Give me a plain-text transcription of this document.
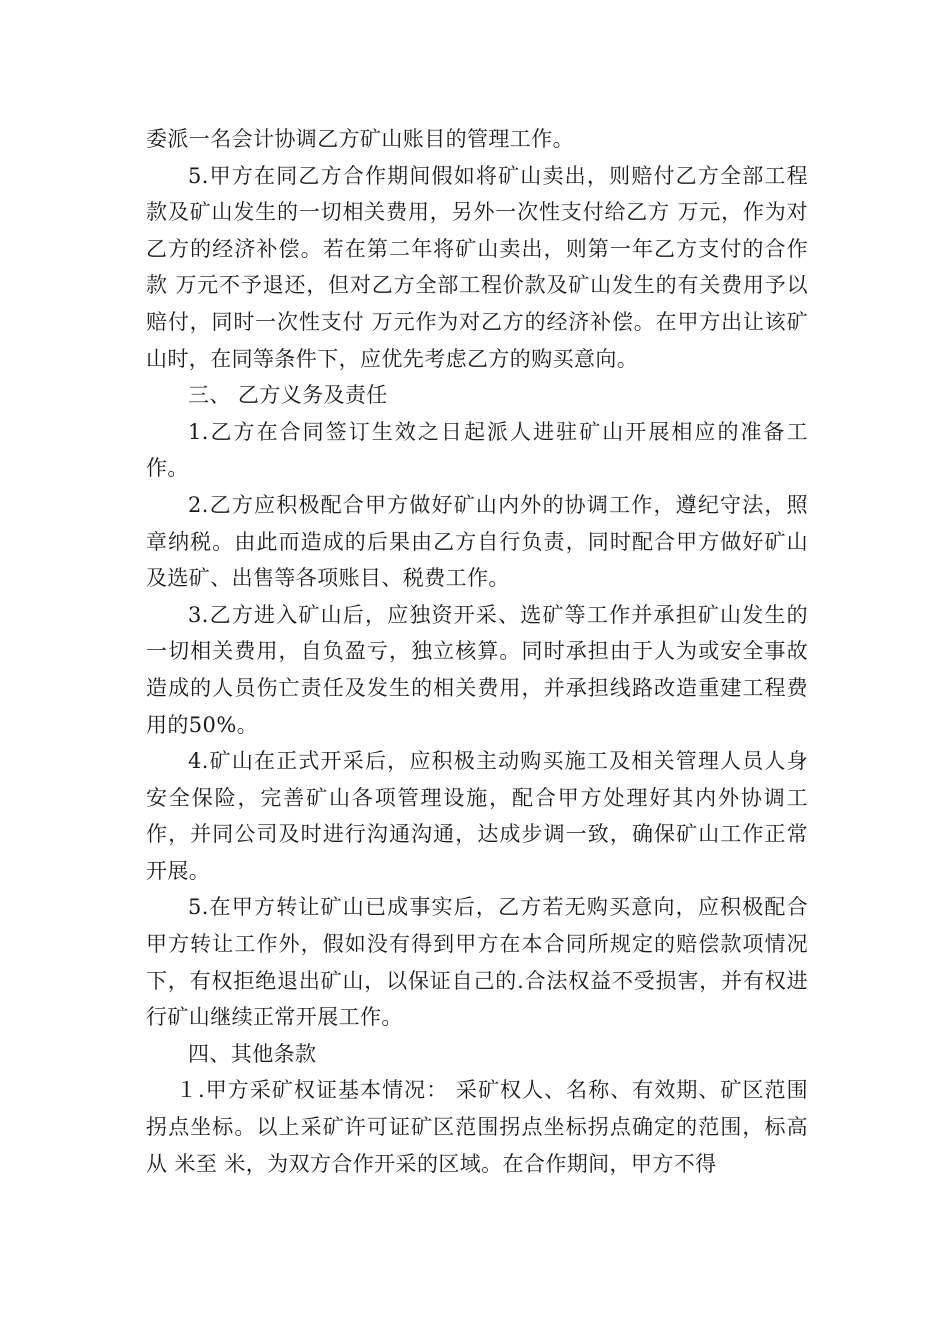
委派一名会计协调乙方矿山账目的管理工作。

5.甲方在同乙方合作期间假如将矿山卖出，则赔付乙方全部工程款及矿山发生的一切相关费用，另外一次性支付给乙方 万元，作为对乙方的经济补偿。若在第二年将矿山卖出，则第一年乙方支付的合作款 万元不予退还，但对乙方全部工程价款及矿山发生的有关费用予以赔付，同时一次性支付 万元作为对乙方的经济补偿。在甲方出让该矿山时，在同等条件下，应优先考虑乙方的购买意向。

三、 乙方义务及责任

1.乙方在合同签订生效之日起派人进驻矿山开展相应的准备工作。

2.乙方应积极配合甲方做好矿山内外的协调工作，遵纪守法，照章纳税。由此而造成的后果由乙方自行负责，同时配合甲方做好矿山及选矿、出售等各项账目、税费工作。

3.乙方进入矿山后，应独资开采、选矿等工作并承担矿山发生的一切相关费用，自负盈亏，独立核算。同时承担由于人为或安全事故造成的人员伤亡责任及发生的相关费用，并承担线路改造重建工程费用的50%。

4.矿山在正式开采后，应积极主动购买施工及相关管理人员人身安全保险，完善矿山各项管理设施，配合甲方处理好其内外协调工作，并同公司及时进行沟通沟通，达成步调一致，确保矿山工作正常开展。

5.在甲方转让矿山已成事实后，乙方若无购买意向，应积极配合甲方转让工作外，假如没有得到甲方在本合同所规定的赔偿款项情况下，有权拒绝退出矿山，以保证自己的.合法权益不受损害，并有权进行矿山继续正常开展工作。

四、其他条款

１.甲方采矿权证基本情况： 采矿权人、名称、有效期、矿区范围拐点坐标。以上采矿许可证矿区范围拐点坐标拐点确定的范围，标高从 米至 米，为双方合作开采的区域。在合作期间，甲方不得
